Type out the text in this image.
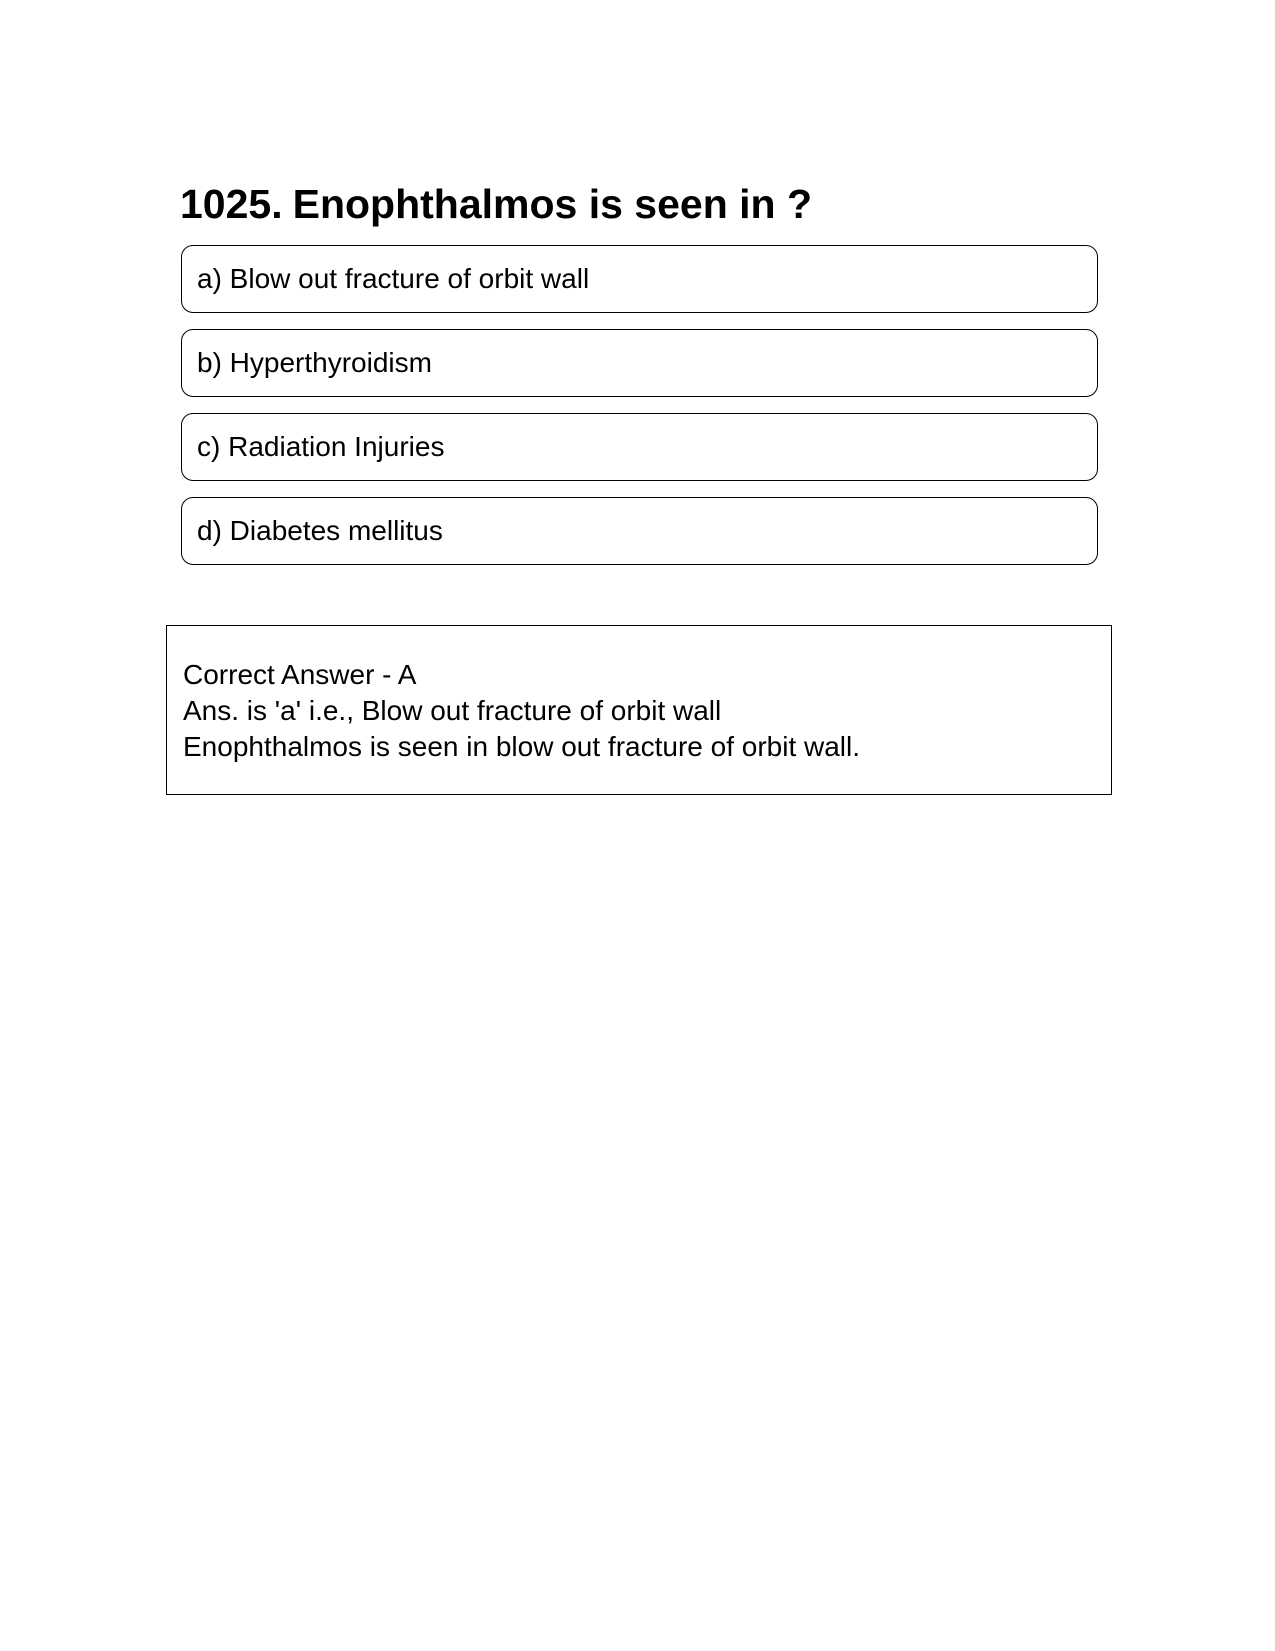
1025. Enophthalmos is seen in ?
a) Blow out fracture of orbit wall
b) Hyperthyroidism
c) Radiation Injuries
d) Diabetes mellitus
Correct Answer - A
Ans. is 'a' i.e., Blow out fracture of orbit wall
Enophthalmos is seen in blow out fracture of orbit wall.
